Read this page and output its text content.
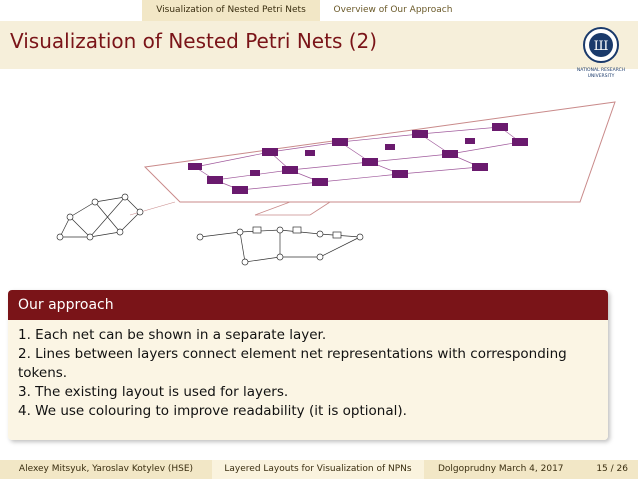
Visualization of Nested Petri Nets	Overview of Our Approach
Visualization of Nested Petri Nets (2)	Ш
NATIONAL RESEARCH
UNIVERSITY
Our approach

1. Each net can be shown in a separate layer.

2. Lines between layers connect element net representations with corresponding tokens.

3. The existing layout is used for layers.

4. We use colouring to improve readability (it is optional).

Alexey Mitsyuk, Yaroslav Kotylev (HSE)	Layered Layouts for Visualization of NPNs	Dolgoprudny March 4, 2017	15 / 26
